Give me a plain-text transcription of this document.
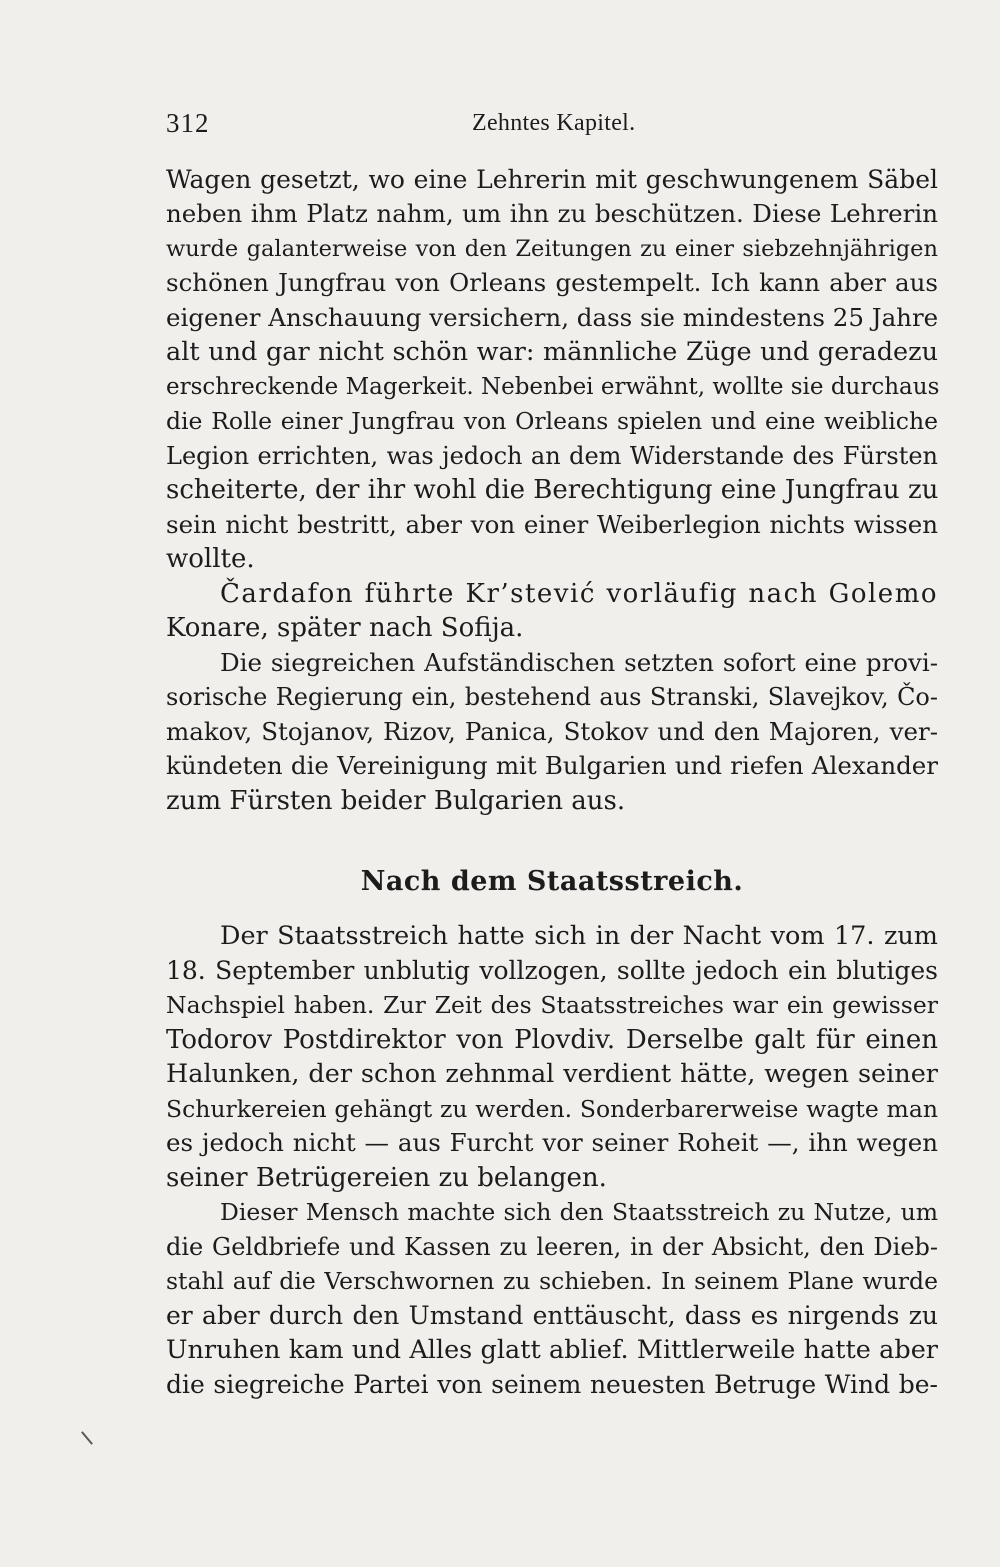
312	Zehntes Kapitel.
Wagen gesetzt, wo eine Lehrerin mit geschwungenem Säbel
neben ihm Platz nahm, um ihn zu beschützen. Diese Lehrerin
wurde galanterweise von den Zeitungen zu einer siebzehnjährigen
schönen Jungfrau von Orleans gestempelt. Ich kann aber aus
eigener Anschauung versichern, dass sie mindestens 25 Jahre
alt und gar nicht schön war: männliche Züge und geradezu
erschreckende Magerkeit. Nebenbei erwähnt, wollte sie durchaus
die Rolle einer Jungfrau von Orleans spielen und eine weibliche
Legion errichten, was jedoch an dem Widerstande des Fürsten
scheiterte, der ihr wohl die Berechtigung eine Jungfrau zu
sein nicht bestritt, aber von einer Weiberlegion nichts wissen
wollte.
Čardafon führte Kr’stević vorläufig nach Golemo
Konare, später nach Sofija.
Die siegreichen Aufständischen setzten sofort eine provi-
sorische Regierung ein, bestehend aus Stranski, Slavejkov, Čo-
makov, Stojanov, Rizov, Panica, Stokov und den Majoren, ver-
kündeten die Vereinigung mit Bulgarien und riefen Alexander
zum Fürsten beider Bulgarien aus.
Nach dem Staatsstreich.
Der Staatsstreich hatte sich in der Nacht vom 17. zum
18. September unblutig vollzogen, sollte jedoch ein blutiges
Nachspiel haben. Zur Zeit des Staatsstreiches war ein gewisser
Todorov Postdirektor von Plovdiv. Derselbe galt für einen
Halunken, der schon zehnmal verdient hätte, wegen seiner
Schurkereien gehängt zu werden. Sonderbarerweise wagte man
es jedoch nicht — aus Furcht vor seiner Roheit —, ihn wegen
seiner Betrügereien zu belangen.
Dieser Mensch machte sich den Staatsstreich zu Nutze, um
die Geldbriefe und Kassen zu leeren, in der Absicht, den Dieb-
stahl auf die Verschwornen zu schieben. In seinem Plane wurde
er aber durch den Umstand enttäuscht, dass es nirgends zu
Unruhen kam und Alles glatt ablief. Mittlerweile hatte aber
die siegreiche Partei von seinem neuesten Betruge Wind be-
